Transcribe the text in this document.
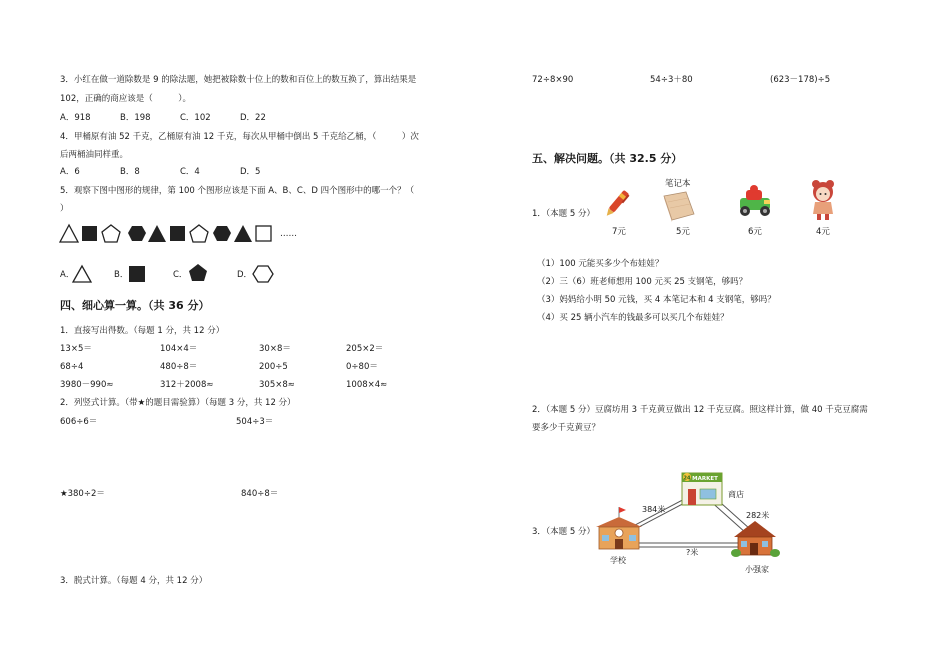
3．小红在做一道除数是 9 的除法题，她把被除数十位上的数和百位上的数互换了，算出结果是
102，正确的商应该是（　　　）。
A．918	B．198	C．102	D．22
4．甲桶原有油 52 千克，乙桶原有油 12 千克，每次从甲桶中倒出 5 千克给乙桶，（　　　）次
后两桶油同样重。
A．6	B．8	C．4	D．5
5．观察下图中图形的规律，第 100 个图形应该是下面 A、B、C、D 四个图形中的哪一个？（
）
……
A．	B．	C．	D．
四、细心算一算。（共 36 分）
1．直接写出得数。（每题 1 分，共 12 分）
13×5＝	104×4＝	30×8＝	205×2＝
68÷4	480÷8＝	200÷5	0÷80＝
3980－990≈	312＋2008≈	305×8≈	1008×4≈
2．列竖式计算。（带★的题目需验算）（每题 3 分，共 12 分）
606÷6＝	504÷3＝
★380÷2＝	840÷8＝
3．脱式计算。（每题 4 分，共 12 分）
72÷8×90	54÷3＋80	(623－178)÷5
五、解决问题。（共 32.5 分）
1．（本题 5 分）
7元
笔记本
5元	6元	4元
（1）100 元能买多少个布娃娃？
（2）三（6）班老师想用 100 元买 25 支钢笔，够吗？
（3）妈妈给小明 50 元钱，买 4 本笔记本和 4 支钢笔，够吗？
（4）买 25 辆小汽车的钱最多可以买几个布娃娃？
2．（本题 5 分）豆腐坊用 3 千克黄豆做出 12 千克豆腐。照这样计算，做 40 千克豆腐需
要多少千克黄豆？
3．（本题 5 分）
24 MARKET
商店
384米
282米
?米
学校
小强家
